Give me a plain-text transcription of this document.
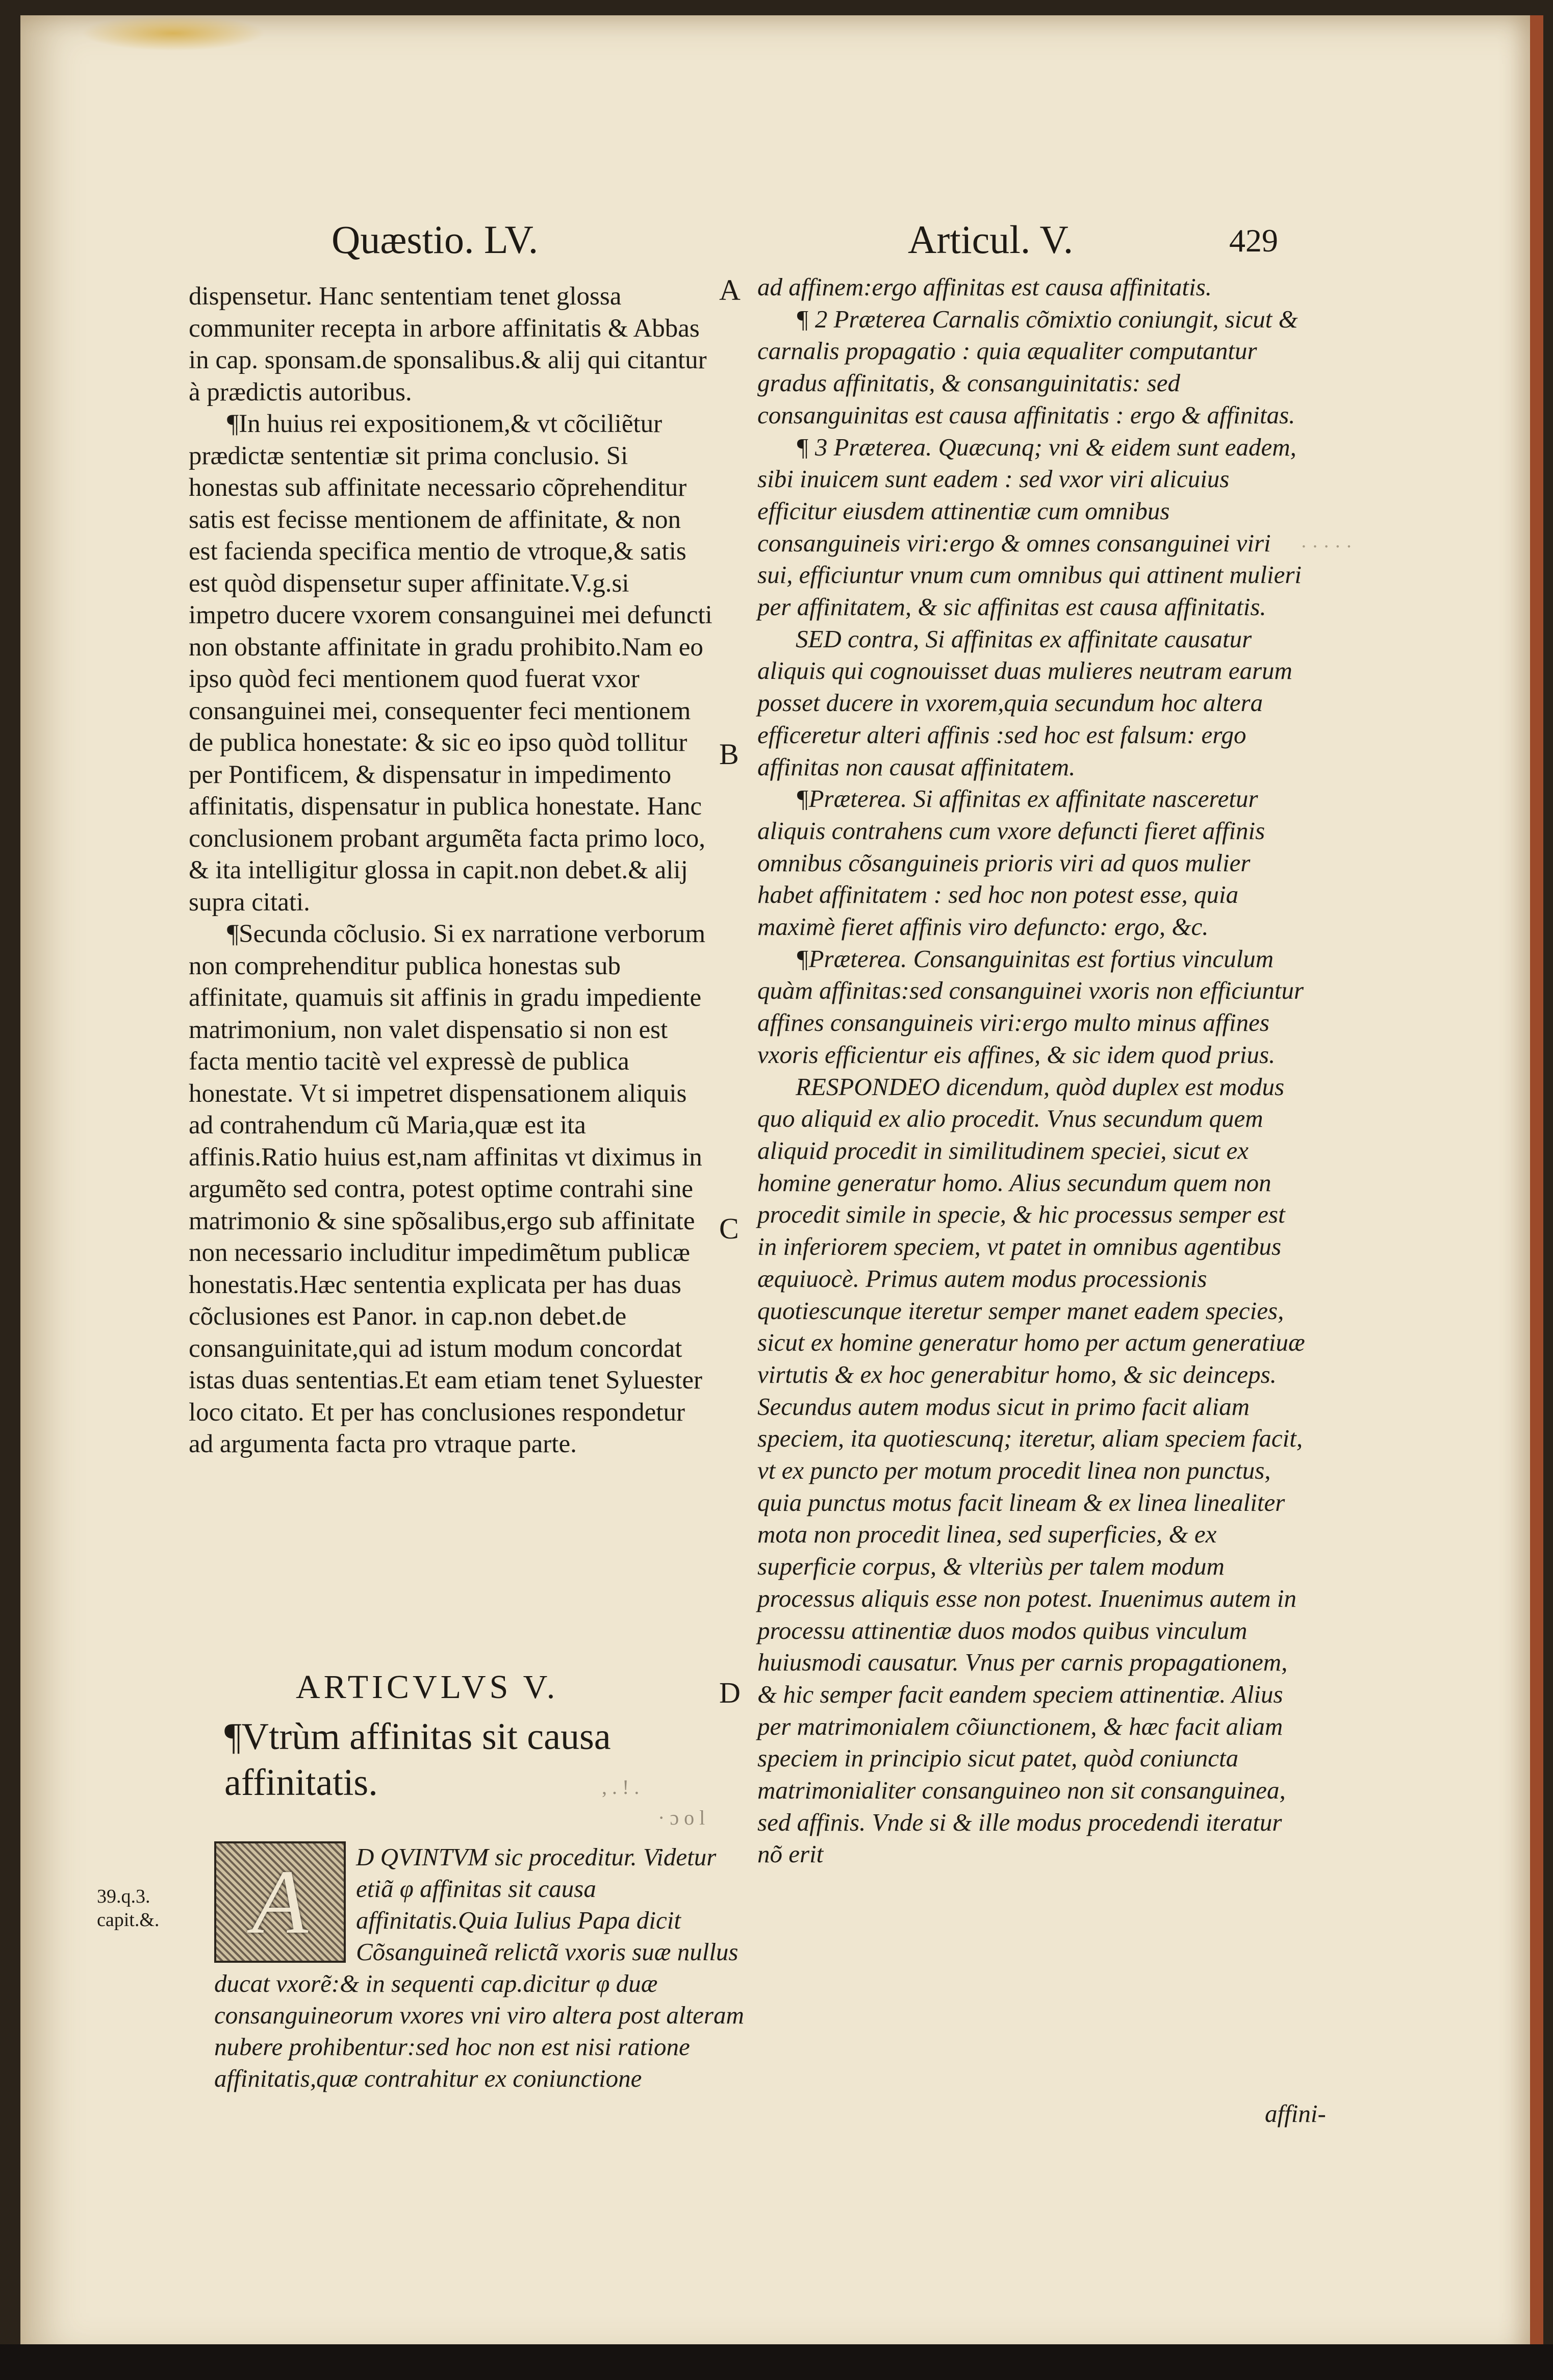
Quæstio. LV.	Articul. V.	429

dispensetur. Hanc sententiam tenet glossa communiter recepta in arbore affinitatis & Abbas in cap. sponsam.de sponsalibus.& alij qui citantur à prædictis autoribus.

¶In huius rei expositionem,& vt cõciliẽtur prædictæ sententiæ sit prima conclusio. Si honestas sub affinitate necessario cõprehenditur satis est fecisse mentionem de affinitate, & non est facienda specifica mentio de vtroque,& satis est quòd dispensetur super affinitate.V.g.si impetro ducere vxorem consanguinei mei defuncti non obstante affinitate in gradu prohibito.Nam eo ipso quòd feci mentionem quod fuerat vxor consanguinei mei, consequenter feci mentionem de publica honestate: & sic eo ipso quòd tollitur per Pontificem, & dispensatur in impedimento affinitatis, dispensatur in publica honestate. Hanc conclusionem probant argumẽta facta primo loco, & ita intelligitur glossa in capit.non debet.& alij supra citati.

¶Secunda cõclusio. Si ex narratione verborum non comprehenditur publica honestas sub affinitate, quamuis sit affinis in gradu impediente matrimonium, non valet dispensatio si non est facta mentio tacitè vel expressè de publica honestate. Vt si impetret dispensationem aliquis ad contrahendum cũ Maria,quæ est ita affinis.Ratio huius est,nam affinitas vt diximus in argumẽto sed contra, potest optime contrahi sine matrimonio & sine spõsalibus,ergo sub affinitate non necessario includitur impedimẽtum publicæ honestatis.Hæc sententia explicata per has duas cõclusiones est Panor. in cap.non debet.de consanguinitate,qui ad istum modum concordat istas duas sententias.Et eam etiam tenet Syluester loco citato. Et per has conclusiones respondetur ad argumenta facta pro vtraque parte.

A
B
C
D

ad affinem:ergo affinitas est causa affinitatis.

¶ 2 Præterea Carnalis cõmixtio coniungit, sicut & carnalis propagatio : quia æqualiter computantur gradus affinitatis, & consanguinitatis: sed consanguinitas est causa affinitatis : ergo & affinitas.

¶ 3 Præterea. Quæcunq; vni & eidem sunt eadem, sibi inuicem sunt eadem : sed vxor viri alicuius efficitur eiusdem attinentiæ cum omnibus consanguineis viri:ergo & omnes consanguinei viri sui, efficiuntur vnum cum omnibus qui attinent mulieri per affinitatem, & sic affinitas est causa affinitatis.

SED contra, Si affinitas ex affinitate causatur aliquis qui cognouisset duas mulieres neutram earum posset ducere in vxorem,quia secundum hoc altera efficeretur alteri affinis :sed hoc est falsum: ergo affinitas non causat affinitatem.

¶Præterea. Si affinitas ex affinitate nasceretur aliquis contrahens cum vxore defuncti fieret affinis omnibus cõsanguineis prioris viri ad quos mulier habet affinitatem : sed hoc non potest esse, quia maximè fieret affinis viro defuncto: ergo, &c.

¶Præterea. Consanguinitas est fortius vinculum quàm affinitas:sed consanguinei vxoris non efficiuntur affines consanguineis viri:ergo multo minus affines vxoris efficientur eis affines, & sic idem quod prius.

RESPONDEO dicendum, quòd duplex est modus quo aliquid ex alio procedit. Vnus secundum quem aliquid procedit in similitudinem speciei, sicut ex homine generatur homo. Alius secundum quem non procedit simile in specie, & hic processus semper est in inferiorem speciem, vt patet in omnibus agentibus æquiuocè. Primus autem modus processionis quotiescunque iteretur semper manet eadem species, sicut ex homine generatur homo per actum generatiuæ virtutis & ex hoc generabitur homo, & sic deinceps. Secundus autem modus sicut in primo facit aliam speciem, ita quotiescunq; iteretur, aliam speciem facit, vt ex puncto per motum procedit linea non punctus, quia punctus motus facit lineam & ex linea linealiter mota non procedit linea, sed superficies, & ex superficie corpus, & vlteriùs per talem modum processus aliquis esse non potest. Inuenimus autem in processu attinentiæ duos modos quibus vinculum huiusmodi causatur. Vnus per carnis propagationem, & hic semper facit eandem speciem attinentiæ. Alius per matrimonialem cõiunctionem, & hæc facit aliam speciem in principio sicut patet, quòd coniuncta matrimonialiter consanguineo non sit consanguinea, sed affinis. Vnde si & ille modus procedendi iteratur nõ erit

ARTICVLVS V.
¶Vtrùm affinitas sit causa affinitatis.
A	D QVINTVM sic proceditur. Videtur etiã φ affinitas sit causa affinitatis.Quia Iulius Papa dicit Cõsanguineã relictã vxoris suæ nullus ducat vxorẽ:& in sequenti cap.dicitur φ duæ consanguineorum vxores vni viro altera post alteram nubere prohibentur:sed hoc non est nisi ratione affinitatis,quæ contrahitur ex coniunctione
39.q.3. capit.&.
· · · · ·
, . ! .
· ɔ o l
affini-
